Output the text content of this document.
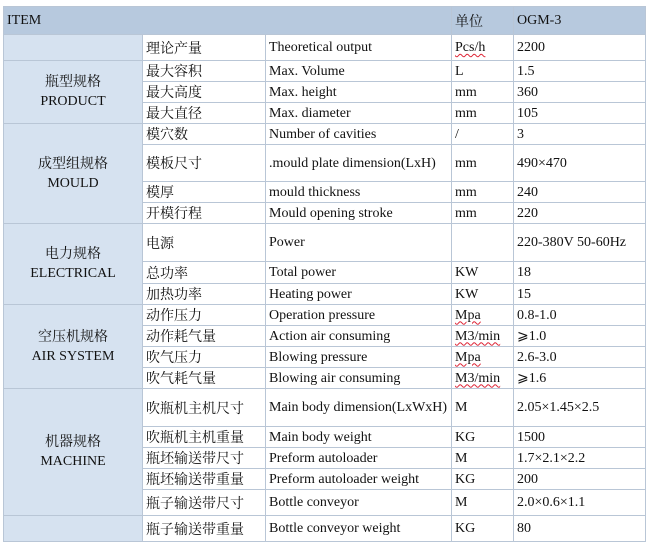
ITEM			单位	OGM-3

	理论产量	Theoretical output	Pcs/h	2200

瓶型规格
PRODUCT	最大容积	Max. Volume	L	1.5
	最大高度	Max. height	mm	360
	最大直径	Max. diameter	mm	105

成型组规格
MOULD	模穴数	Number of cavities	/	3
	模板尺寸	.mould plate dimension(LxH)	mm	490×470
	模厚	mould thickness	mm	240
	开模行程	Mould opening stroke	mm	220

电力规格
ELECTRICAL	电源	Power		220-380V 50-60Hz
	总功率	Total power	KW	18
	加热功率	Heating power	KW	15

空压机规格
AIR SYSTEM	动作压力	Operation pressure	Mpa	0.8-1.0
	动作耗气量	Action air consuming	M3/min	⩾1.0
	吹气压力	Blowing pressure	Mpa	2.6-3.0
	吹气耗气量	Blowing air consuming	M3/min	⩾1.6

机器规格
MACHINE	吹瓶机主机尺寸	Main body dimension(LxWxH)	M	2.05×1.45×2.5
	吹瓶机主机重量	Main body weight	KG	1500
	瓶坯输送带尺寸	Preform autoloader	M	1.7×2.1×2.2
	瓶坯输送带重量	Preform autoloader weight	KG	200
	瓶子输送带尺寸	Bottle conveyor	M	2.0×0.6×1.1

	瓶子输送带重量	Bottle conveyor weight	KG	80
